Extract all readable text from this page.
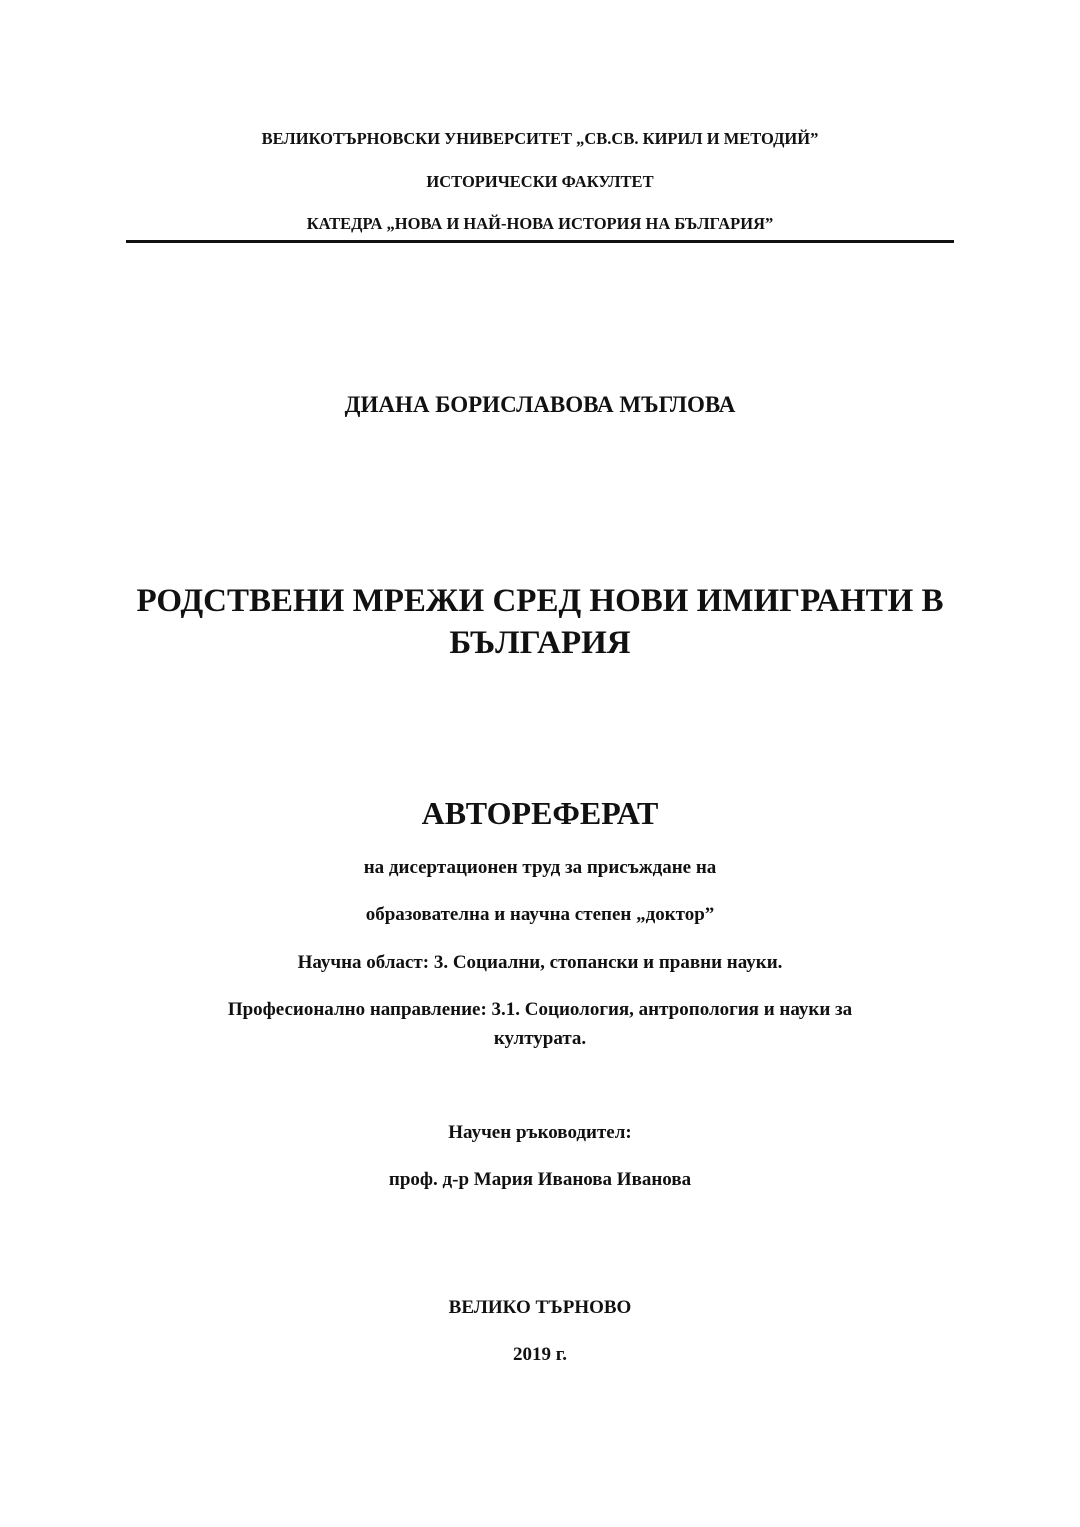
ВЕЛИКОТЪРНОВСКИ УНИВЕРСИТЕТ „СВ.СВ. КИРИЛ И МЕТОДИЙ”
ИСТОРИЧЕСКИ ФАКУЛТЕТ
КАТЕДРА „НОВА И НАЙ-НОВА ИСТОРИЯ НА БЪЛГАРИЯ”
ДИАНА БОРИСЛАВОВА МЪГЛОВА
РОДСТВЕНИ МРЕЖИ СРЕД НОВИ ИМИГРАНТИ В
БЪЛГАРИЯ
АВТОРЕФЕРАТ
на дисертационен труд за присъждане на
образователна и научна степен „доктор”
Научна област: 3. Социални, стопански и правни науки.
Професионално направление: 3.1. Социология, антропология и науки за
културата.
Научен ръководител:
проф. д-р Мария Иванова Иванова
ВЕЛИКО ТЪРНОВО
2019 г.
